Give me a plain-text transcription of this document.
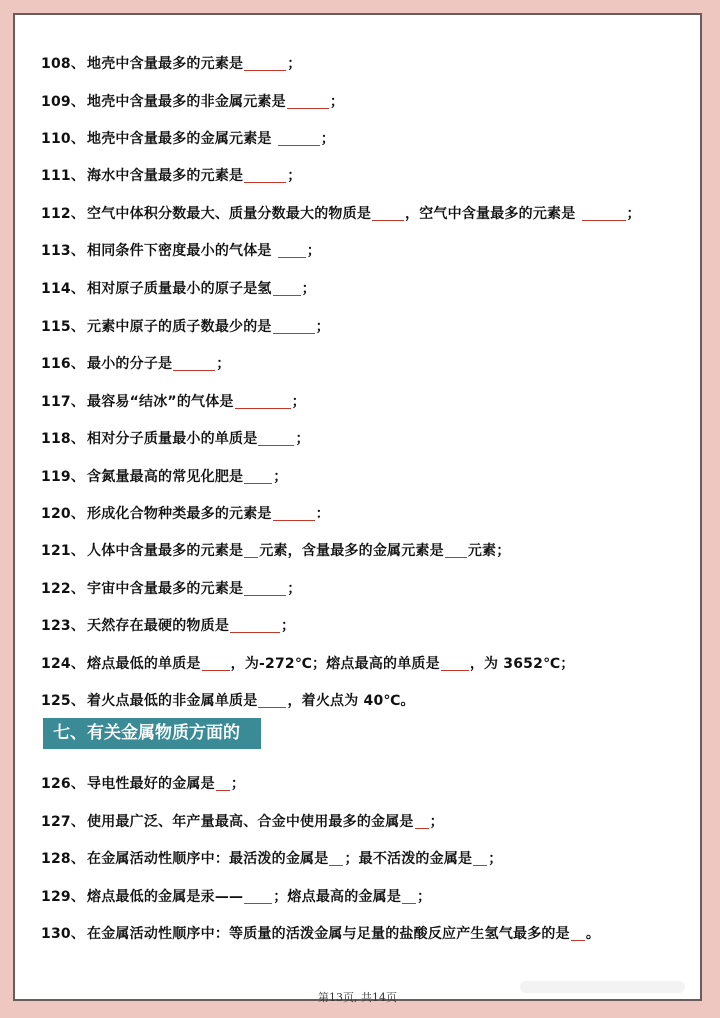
108、 地壳中含量最多的元素是	；
109、 地壳中含量最多的非金属元素是	；
110、 地壳中含量最多的金属元素是	；
111、 海水中含量最多的元素是	；
112、 空气中体积分数最大、质量分数最大的物质是 ，空气中含量最多的元素是	；
113、 相同条件下密度最小的气体是 ；
114、 相对原子质量最小的原子是氢 ；
115、 元素中原子的质子数最少的是	；
116、 最小的分子是	；
117、 最容易“结冰”的气体是	；
118、 相对分子质量最小的单质是	；
119、 含氮量最高的常见化肥是 ；
120、 形成化合物种类最多的元素是	：
121、 人体中含量最多的元素是 元素，含量最多的金属元素是 元素；
122、 宇宙中含量最多的元素是	；
123、 天然存在最硬的物质是	；
124、 熔点最低的单质是 ，为-272℃；熔点最高的单质是 ，为 3652℃；
125、 着火点最低的非金属单质是 ，着火点为 40℃。
126、 导电性最好的金属是 ；
127、 使用最广泛、年产量最高、合金中使用最多的金属是 ；
128、 在金属活动性顺序中：最活泼的金属是 ；最不活泼的金属是 ；
129、 熔点最低的金属是汞—— ；熔点最高的金属是 ；
130、 在金属活动性顺序中：等质量的活泼金属与足量的盐酸反应产生氢气最多的是 。
七、有关金属物质方面的
第13页, 共14页
